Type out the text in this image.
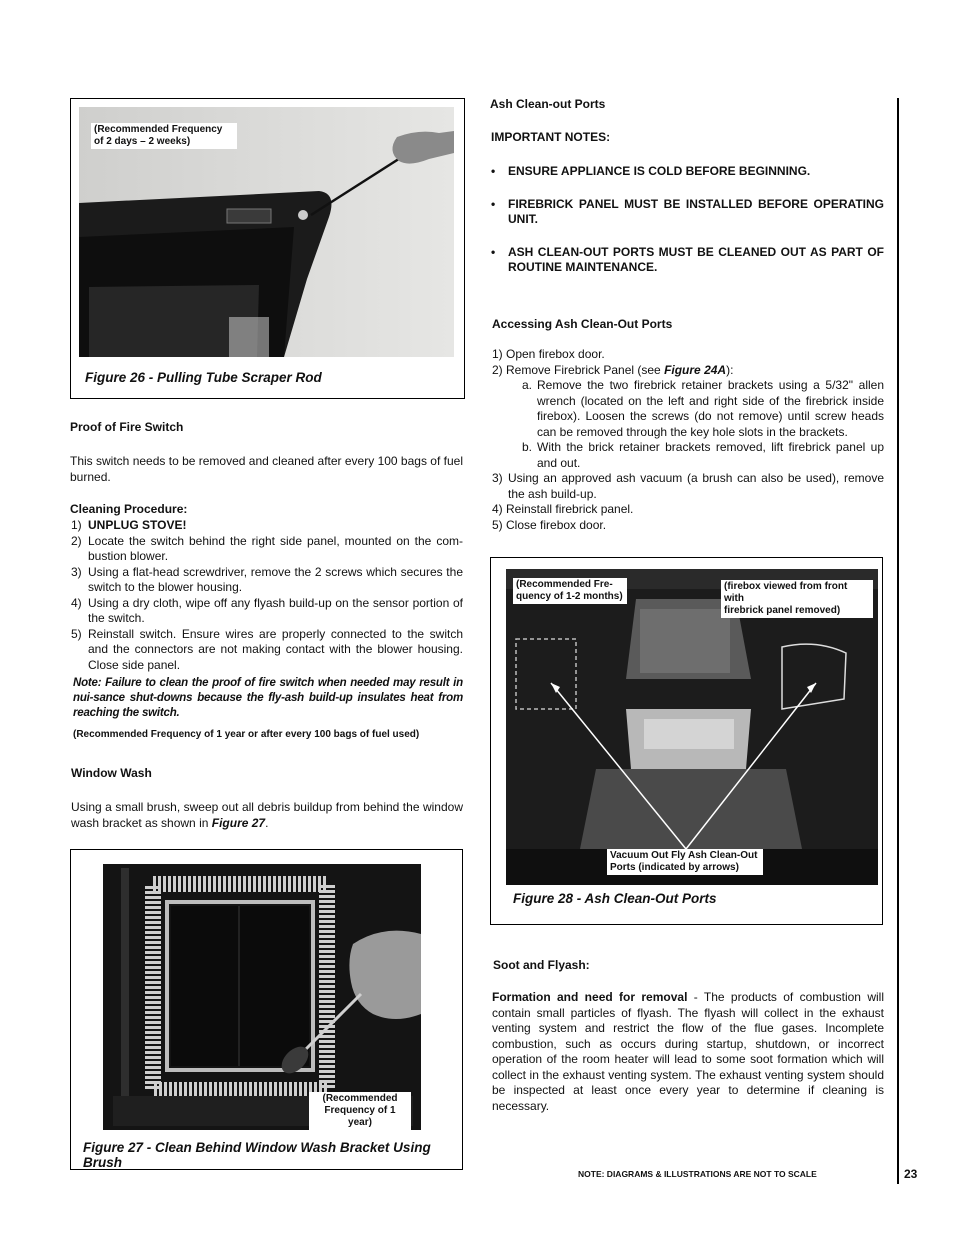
(Recommended Frequency
of 2 days – 2 weeks)
Figure 26 - Pulling Tube Scraper Rod
Proof of Fire Switch
This switch needs to be removed and cleaned after every 100 bags of fuel burned.
Cleaning Procedure:
1) UNPLUG STOVE!
2) Locate the switch behind the right side panel, mounted on the com-bustion blower.
3) Using a flat-head screwdriver, remove the 2 screws which secures the switch to the blower housing.
4) Using a dry cloth, wipe off any flyash build-up on the sensor portion of the switch.
5) Reinstall switch. Ensure wires are properly connected to the switch and the connectors are not making contact with the blower housing. Close side panel.
Note: Failure to clean the proof of fire switch when needed may result in nui-sance shut-downs because the fly-ash build-up insulates heat from reaching the switch.
(Recommended Frequency of 1 year or after every 100 bags of fuel used)
Window Wash
Using a small brush, sweep out all debris buildup from behind the window wash bracket as shown in Figure 27.
(Recommended
Frequency of 1 year)
Figure 27 - Clean Behind Window Wash Bracket Using Brush
Ash Clean-out Ports
IMPORTANT NOTES:
•	ENSURE APPLIANCE IS COLD BEFORE BEGINNING.
•	FIREBRICK PANEL MUST BE INSTALLED BEFORE OPERATING UNIT.
•	ASH CLEAN-OUT PORTS MUST BE CLEANED OUT AS PART OF ROUTINE MAINTENANCE.
Accessing Ash Clean-Out Ports
1) Open firebox door.
2) Remove Firebrick Panel (see Figure 24A):
a. Remove the two firebrick retainer brackets using a 5/32" allen wrench (located on the left and right side of the firebrick inside firebox). Loosen the screws (do not remove) until screw heads can be removed through the key hole slots in the brackets.
b. With the brick retainer brackets removed, lift firebrick panel up and out.
3) Using an approved ash vacuum (a brush can also be used), remove the ash build-up.
4) Reinstall firebrick panel.
5) Close firebox door.
(Recommended Fre-
quency of 1-2 months)
(firebox viewed from front with
firebrick panel removed)
Vacuum Out Fly Ash Clean-Out
Ports (indicated by arrows)
Figure 28 - Ash Clean-Out Ports
Soot and Flyash:
Formation and need for removal - The products of combustion will contain small particles of flyash. The flyash will collect in the exhaust venting system and restrict the flow of the flue gases. Incomplete combustion, such as occurs during startup, shutdown, or incorrect operation of the room heater will lead to some soot formation which will collect in the exhaust venting system. The exhaust venting system should be inspected at least once every year to determine if cleaning is necessary.
NOTE: DIAGRAMS & ILLUSTRATIONS ARE NOT TO SCALE	23
